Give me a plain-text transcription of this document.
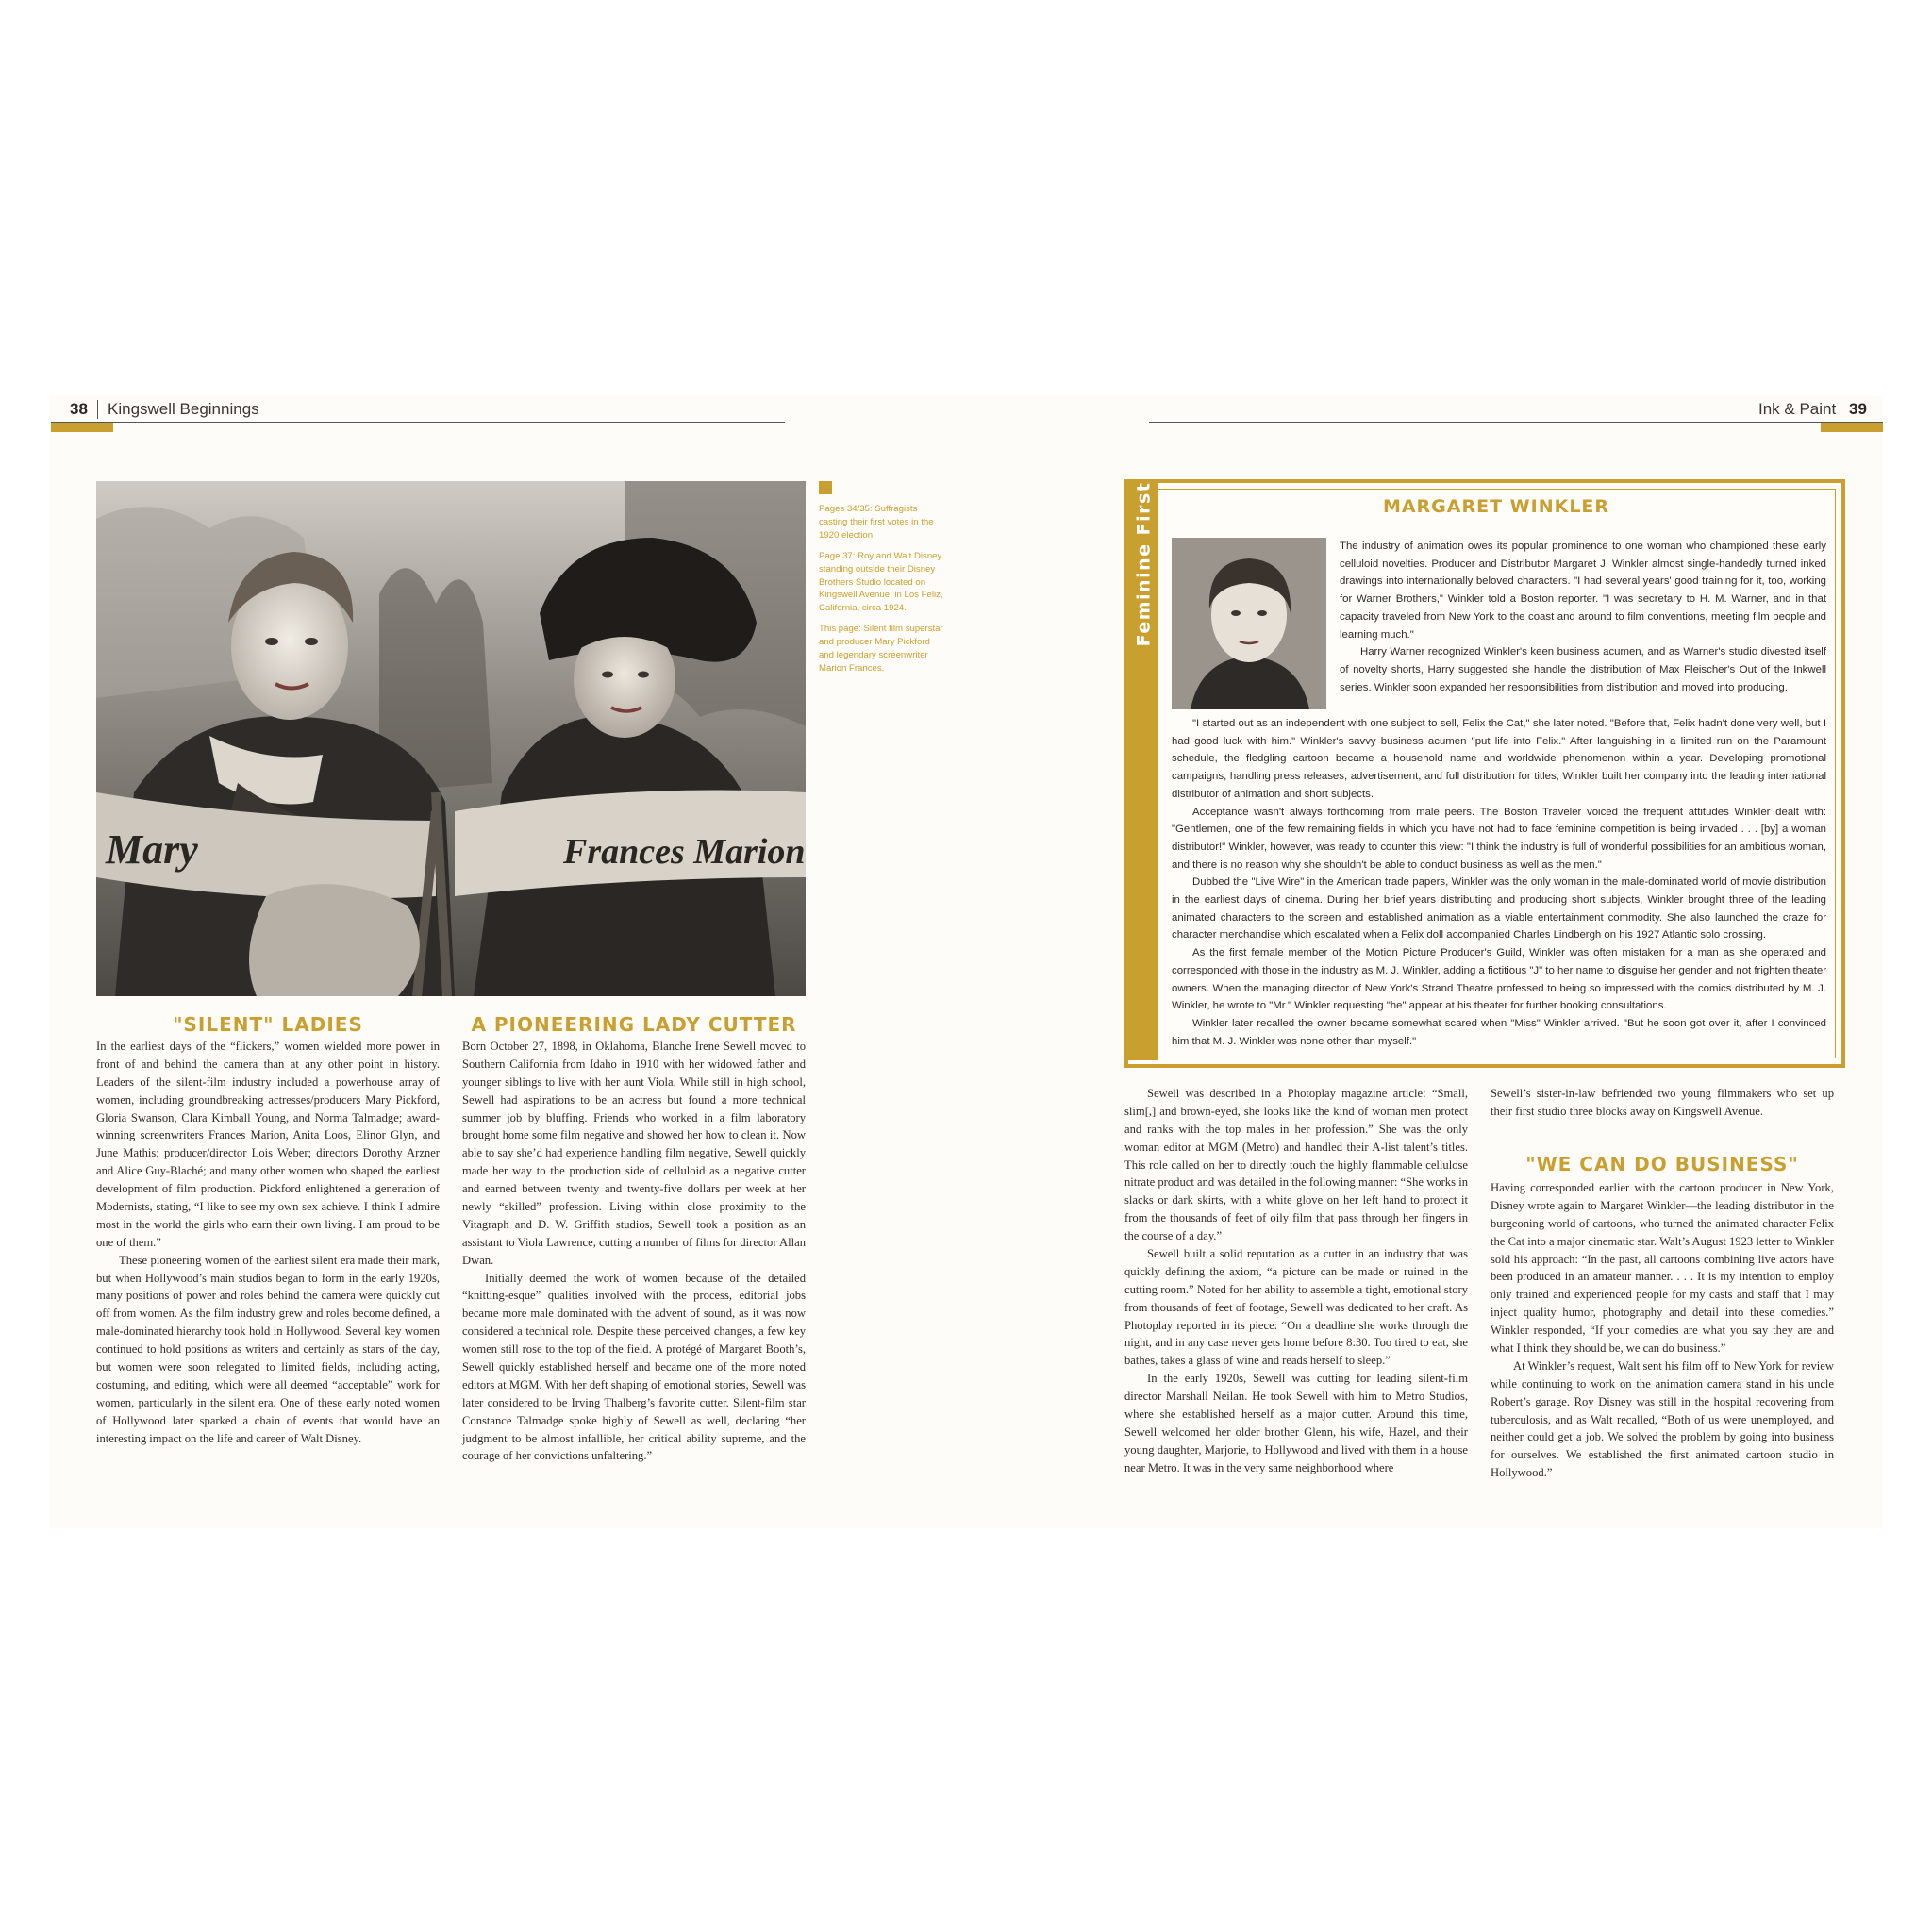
38 Kingswell Beginnings	Ink & Paint 39
Mary	Frances Marion

Pages 34/35: Suffragists casting their first votes in the 1920 election.

Page 37: Roy and Walt Disney standing outside their Disney Brothers Studio located on Kingswell Avenue, in Los Feliz, California, circa 1924.

This page: Silent film superstar and producer Mary Pickford and legendary screenwriter Marion Frances.

"SILENT" LADIES

In the earliest days of the “flickers,” women wielded more power in front of and behind the camera than at any other point in history. Leaders of the silent-film industry included a powerhouse array of women, including groundbreaking actresses/producers Mary Pickford, Gloria Swanson, Clara Kimball Young, and Norma Talmadge; award-winning screenwriters Frances Marion, Anita Loos, Elinor Glyn, and June Mathis; producer/director Lois Weber; directors Dorothy Arzner and Alice Guy-Blaché; and many other women who shaped the earliest development of film production. Pickford enlightened a generation of Modernists, stating, “I like to see my own sex achieve. I think I admire most in the world the girls who earn their own living. I am proud to be one of them.”

These pioneering women of the earliest silent era made their mark, but when Hollywood’s main studios began to form in the early 1920s, many positions of power and roles behind the camera were quickly cut off from women. As the film industry grew and roles become defined, a male-dominated hierarchy took hold in Hollywood. Several key women continued to hold positions as writers and certainly as stars of the day, but women were soon relegated to limited fields, including acting, costuming, and editing, which were all deemed “acceptable” work for women, particularly in the silent era. One of these early noted women of Hollywood later sparked a chain of events that would have an interesting impact on the life and career of Walt Disney.

A PIONEERING LADY CUTTER

Born October 27, 1898, in Oklahoma, Blanche Irene Sewell moved to Southern California from Idaho in 1910 with her widowed father and younger siblings to live with her aunt Viola. While still in high school, Sewell had aspirations to be an actress but found a more technical summer job by bluffing. Friends who worked in a film laboratory brought home some film negative and showed her how to clean it. Now able to say she’d had experience handling film negative, Sewell quickly made her way to the production side of celluloid as a negative cutter and earned between twenty and twenty-five dollars per week at her newly “skilled” profession. Living within close proximity to the Vitagraph and D. W. Griffith studios, Sewell took a position as an assistant to Viola Lawrence, cutting a number of films for director Allan Dwan.

Initially deemed the work of women because of the detailed “knitting-esque” qualities involved with the process, editorial jobs became more male dominated with the advent of sound, as it was now considered a technical role. Despite these perceived changes, a few key women still rose to the top of the field. A protégé of Margaret Booth’s, Sewell quickly established herself and became one of the more noted editors at MGM. With her deft shaping of emotional stories, Sewell was later considered to be Irving Thalberg’s favorite cutter. Silent-film star Constance Talmadge spoke highly of Sewell as well, declaring “her judgment to be almost infallible, her critical ability supreme, and the courage of her convictions unfaltering.”

Feminine First	MARGARET WINKLER

The industry of animation owes its popular prominence to one woman who championed these early celluloid novelties. Producer and Distributor Margaret J. Winkler almost single-handedly turned inked drawings into internationally beloved characters. "I had several years' good training for it, too, working for Warner Brothers," Winkler told a Boston reporter. "I was secretary to H. M. Warner, and in that capacity traveled from New York to the coast and around to film conventions, meeting film people and learning much."

Harry Warner recognized Winkler's keen business acumen, and as Warner's studio divested itself of novelty shorts, Harry suggested she handle the distribution of Max Fleischer's Out of the Inkwell series. Winkler soon expanded her responsibilities from distribution and moved into producing.

"I started out as an independent with one subject to sell, Felix the Cat," she later noted. "Before that, Felix hadn't done very well, but I had good luck with him." Winkler's savvy business acumen "put life into Felix." After languishing in a limited run on the Paramount schedule, the fledgling cartoon became a household name and worldwide phenomenon within a year. Developing promotional campaigns, handling press releases, advertisement, and full distribution for titles, Winkler built her company into the leading international distributor of animation and short subjects.

Acceptance wasn't always forthcoming from male peers. The Boston Traveler voiced the frequent attitudes Winkler dealt with: "Gentlemen, one of the few remaining fields in which you have not had to face feminine competition is being invaded . . . [by] a woman distributor!" Winkler, however, was ready to counter this view: "I think the industry is full of wonderful possibilities for an ambitious woman, and there is no reason why she shouldn't be able to conduct business as well as the men."

Dubbed the "Live Wire" in the American trade papers, Winkler was the only woman in the male-dominated world of movie distribution in the earliest days of cinema. During her brief years distributing and producing short subjects, Winkler brought three of the leading animated characters to the screen and established animation as a viable entertainment commodity. She also launched the craze for character merchandise which escalated when a Felix doll accompanied Charles Lindbergh on his 1927 Atlantic solo crossing.

As the first female member of the Motion Picture Producer's Guild, Winkler was often mistaken for a man as she operated and corresponded with those in the industry as M. J. Winkler, adding a fictitious "J" to her name to disguise her gender and not frighten theater owners. When the managing director of New York's Strand Theatre professed to being so impressed with the comics distributed by M. J. Winkler, he wrote to "Mr." Winkler requesting "he" appear at his theater for further booking consultations.

Winkler later recalled the owner became somewhat scared when "Miss" Winkler arrived. "But he soon got over it, after I convinced him that M. J. Winkler was none other than myself."

Sewell was described in a Photoplay magazine article: “Small, slim[,] and brown-eyed, she looks like the kind of woman men protect and ranks with the top males in her profession.” She was the only woman editor at MGM (Metro) and handled their A-list talent’s titles. This role called on her to directly touch the highly flammable cellulose nitrate product and was detailed in the following manner: “She works in slacks or dark skirts, with a white glove on her left hand to protect it from the thousands of feet of oily film that pass through her fingers in the course of a day.”

Sewell built a solid reputation as a cutter in an industry that was quickly defining the axiom, “a picture can be made or ruined in the cutting room.” Noted for her ability to assemble a tight, emotional story from thousands of feet of footage, Sewell was dedicated to her craft. As Photoplay reported in its piece: “On a deadline she works through the night, and in any case never gets home before 8:30. Too tired to eat, she bathes, takes a glass of wine and reads herself to sleep.”

In the early 1920s, Sewell was cutting for leading silent-film director Marshall Neilan. He took Sewell with him to Metro Studios, where she established herself as a major cutter. Around this time, Sewell welcomed her older brother Glenn, his wife, Hazel, and their young daughter, Marjorie, to Hollywood and lived with them in a house near Metro. It was in the very same neighborhood where

Sewell’s sister-in-law befriended two young filmmakers who set up their first studio three blocks away on Kingswell Avenue.

"WE CAN DO BUSINESS"

Having corresponded earlier with the cartoon producer in New York, Disney wrote again to Margaret Winkler—the leading distributor in the burgeoning world of cartoons, who turned the animated character Felix the Cat into a major cinematic star. Walt’s August 1923 letter to Winkler sold his approach: “In the past, all cartoons combining live actors have been produced in an amateur manner. . . . It is my intention to employ only trained and experienced people for my casts and staff that I may inject quality humor, photography and detail into these comedies.” Winkler responded, “If your comedies are what you say they are and what I think they should be, we can do business.”

At Winkler’s request, Walt sent his film off to New York for review while continuing to work on the animation camera stand in his uncle Robert’s garage. Roy Disney was still in the hospital recovering from tuberculosis, and as Walt recalled, “Both of us were unemployed, and neither could get a job. We solved the problem by going into business for ourselves. We established the first animated cartoon studio in Hollywood.”
